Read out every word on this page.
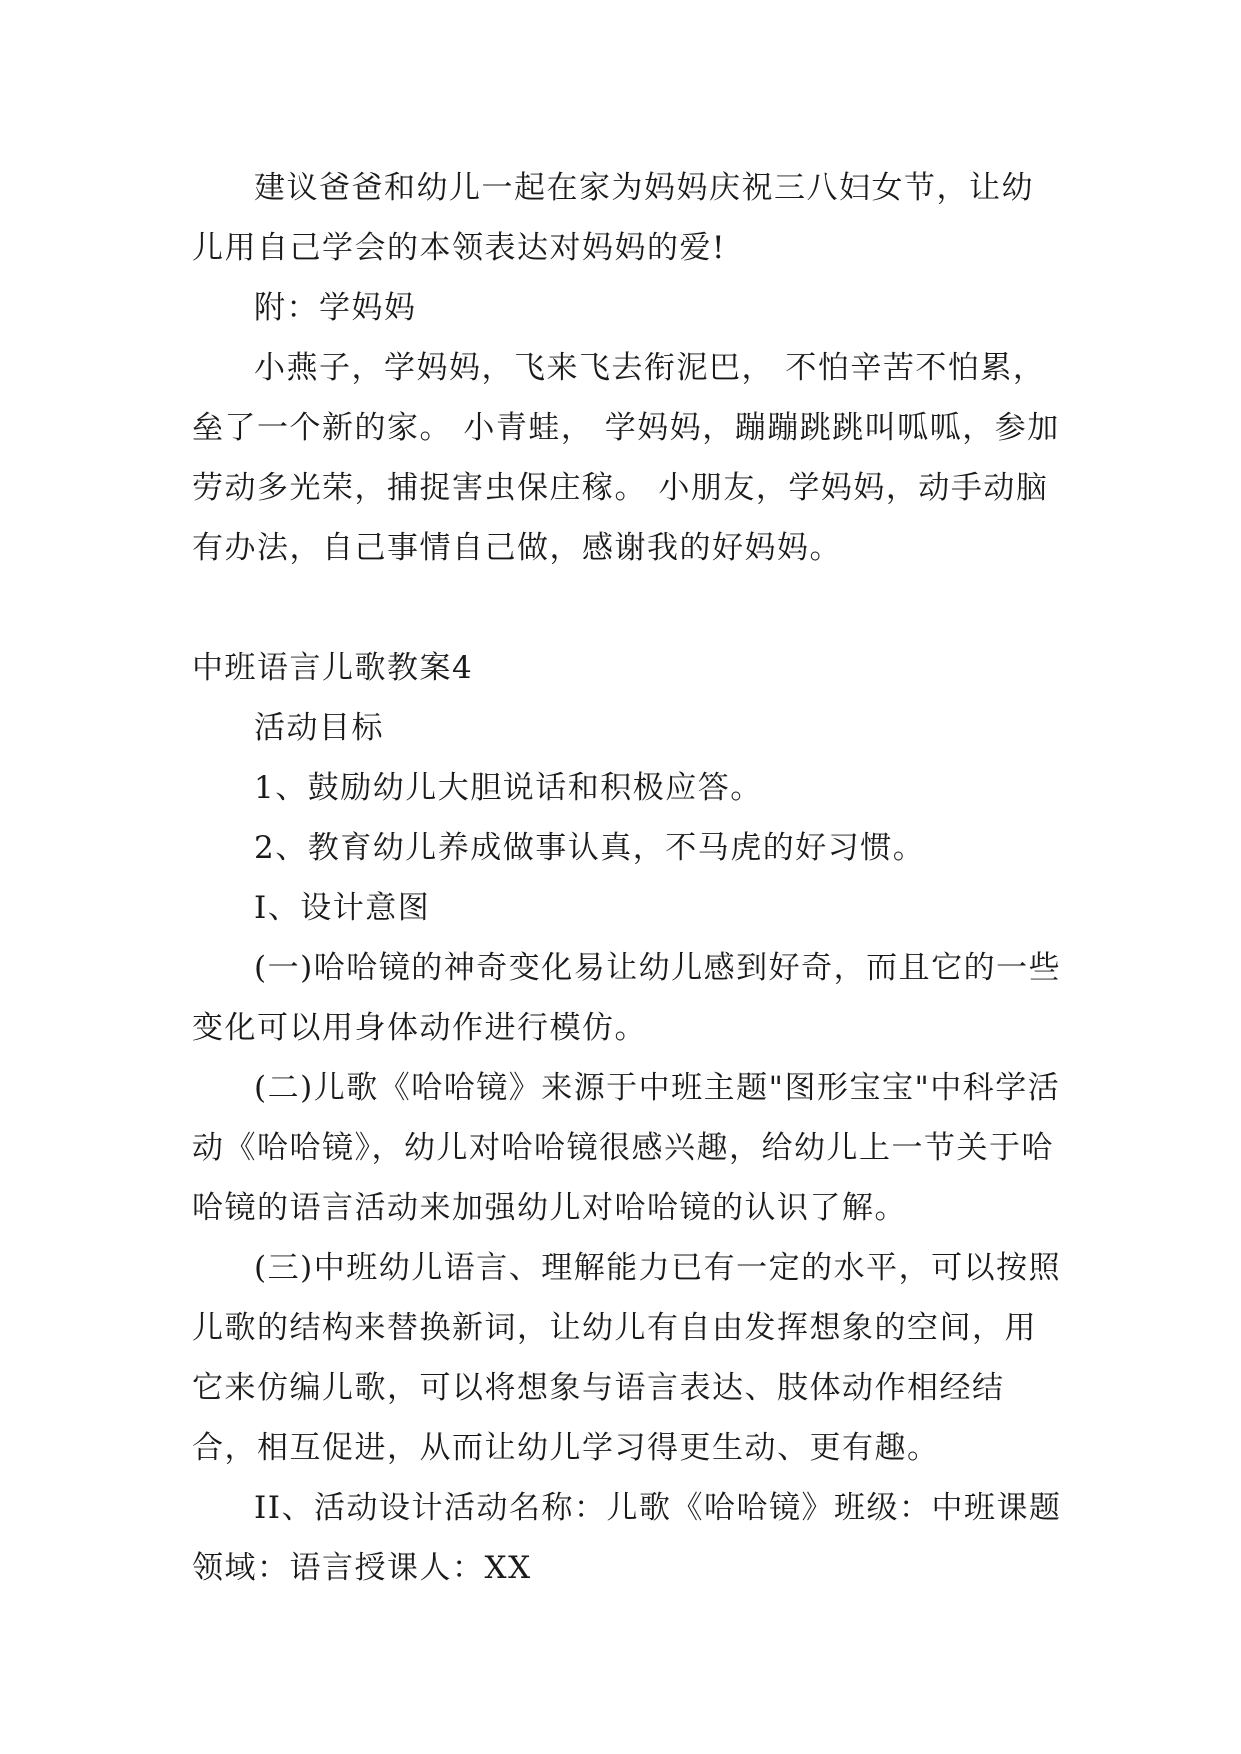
建议爸爸和幼儿一起在家为妈妈庆祝三八妇女节，让幼儿用自己学会的本领表达对妈妈的爱!

附：学妈妈

小燕子，学妈妈，飞来飞去衔泥巴， 不怕辛苦不怕累，垒了一个新的家。 小青蛙， 学妈妈，蹦蹦跳跳叫呱呱，参加劳动多光荣，捕捉害虫保庄稼。 小朋友，学妈妈，动手动脑有办法，自己事情自己做，感谢我的好妈妈。

中班语言儿歌教案4

活动目标

1、鼓励幼儿大胆说话和积极应答。

2、教育幼儿养成做事认真，不马虎的好习惯。

I、设计意图

(一)哈哈镜的神奇变化易让幼儿感到好奇，而且它的一些变化可以用身体动作进行模仿。

(二)儿歌《哈哈镜》来源于中班主题"图形宝宝"中科学活动《哈哈镜》，幼儿对哈哈镜很感兴趣，给幼儿上一节关于哈哈镜的语言活动来加强幼儿对哈哈镜的认识了解。

(三)中班幼儿语言、理解能力已有一定的水平，可以按照儿歌的结构来替换新词，让幼儿有自由发挥想象的空间，用它来仿编儿歌，可以将想象与语言表达、肢体动作相经结合，相互促进，从而让幼儿学习得更生动、更有趣。

II、活动设计活动名称：儿歌《哈哈镜》班级：中班课题领域：语言授课人：XX
